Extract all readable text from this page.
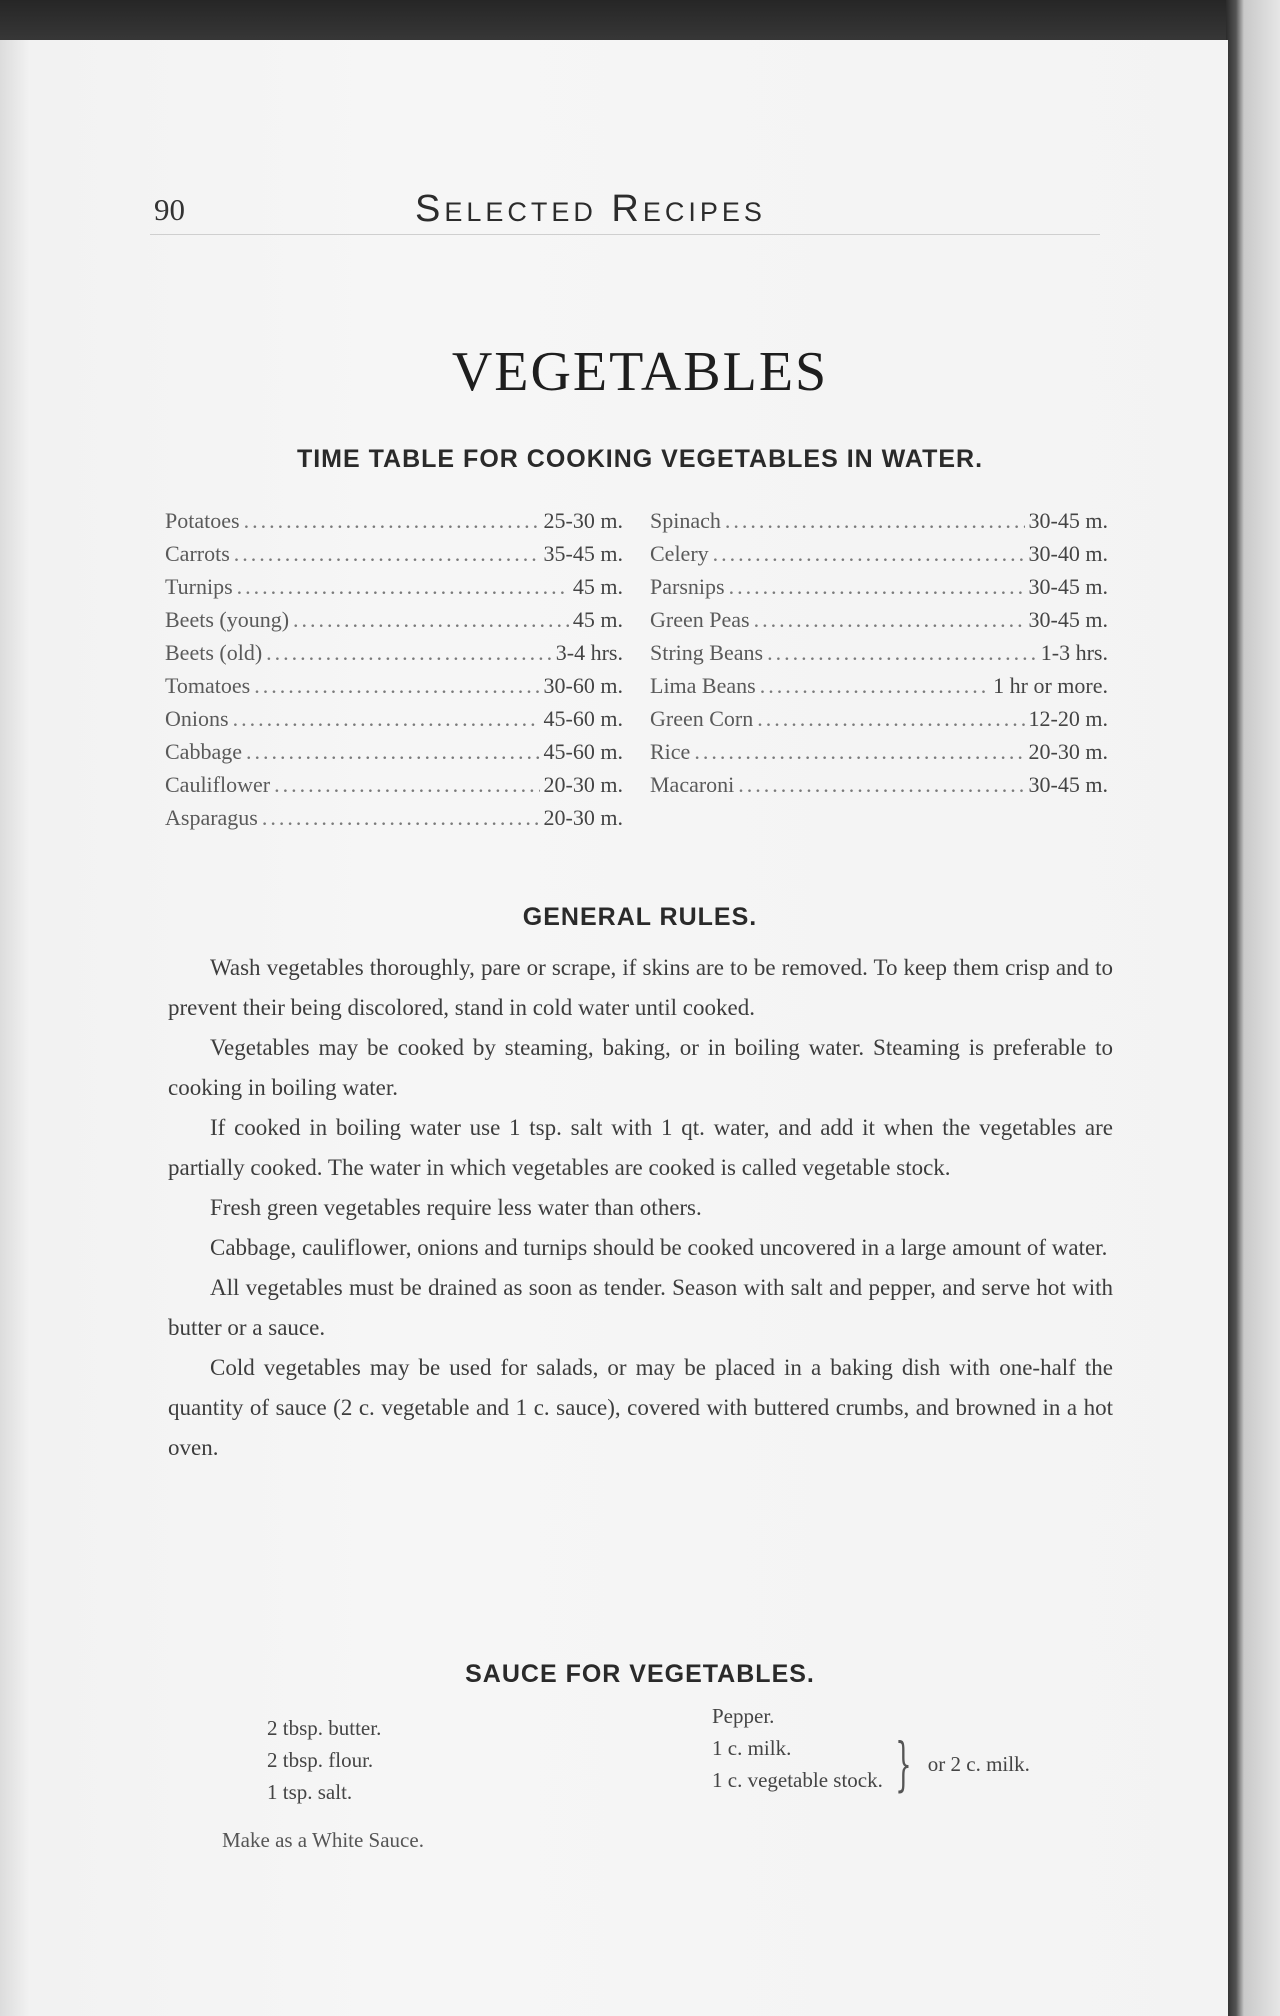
90	Selected Recipes
VEGETABLES
TIME TABLE FOR COOKING VEGETABLES IN WATER.
Potatoes .....	25-30 m.
Carrots .....	35-45 m.
Turnips .....	45 m.
Beets (young) .....	45 m.
Beets (old) .....	3-4 hrs.
Tomatoes .....	30-60 m.
Onions .....	45-60 m.
Cabbage .....	45-60 m.
Cauliflower .....	20-30 m.
Asparagus .....	20-30 m.
Spinach .....	30-45 m.
Celery .....	30-40 m.
Parsnips .....	30-45 m.
Green Peas .....	30-45 m.
String Beans .....	1-3 hrs.
Lima Beans .....	1 hr or more.
Green Corn .....	12-20 m.
Rice .....	20-30 m.
Macaroni .....	30-45 m.
GENERAL RULES.

Wash vegetables thoroughly, pare or scrape, if skins are to be removed. To keep them crisp and to prevent their being discolored, stand in cold water until cooked.

Vegetables may be cooked by steaming, baking, or in boiling water. Steaming is preferable to cooking in boiling water.

If cooked in boiling water use 1 tsp. salt with 1 qt. water, and add it when the vegetables are partially cooked. The water in which vegetables are cooked is called vegetable stock.

Fresh green vegetables require less water than others.

Cabbage, cauliflower, onions and turnips should be cooked uncovered in a large amount of water.

All vegetables must be drained as soon as tender. Season with salt and pepper, and serve hot with butter or a sauce.

Cold vegetables may be used for salads, or may be placed in a baking dish with one-half the quantity of sauce (2 c. vegetable and 1 c. sauce), covered with buttered crumbs, and browned in a hot oven.

SAUCE FOR VEGETABLES.
2 tbsp. butter.
2 tbsp. flour.
1 tsp. salt.
Pepper.
1 c. milk.
1 c. vegetable stock. } or 2 c. milk.
Make as a White Sauce.
